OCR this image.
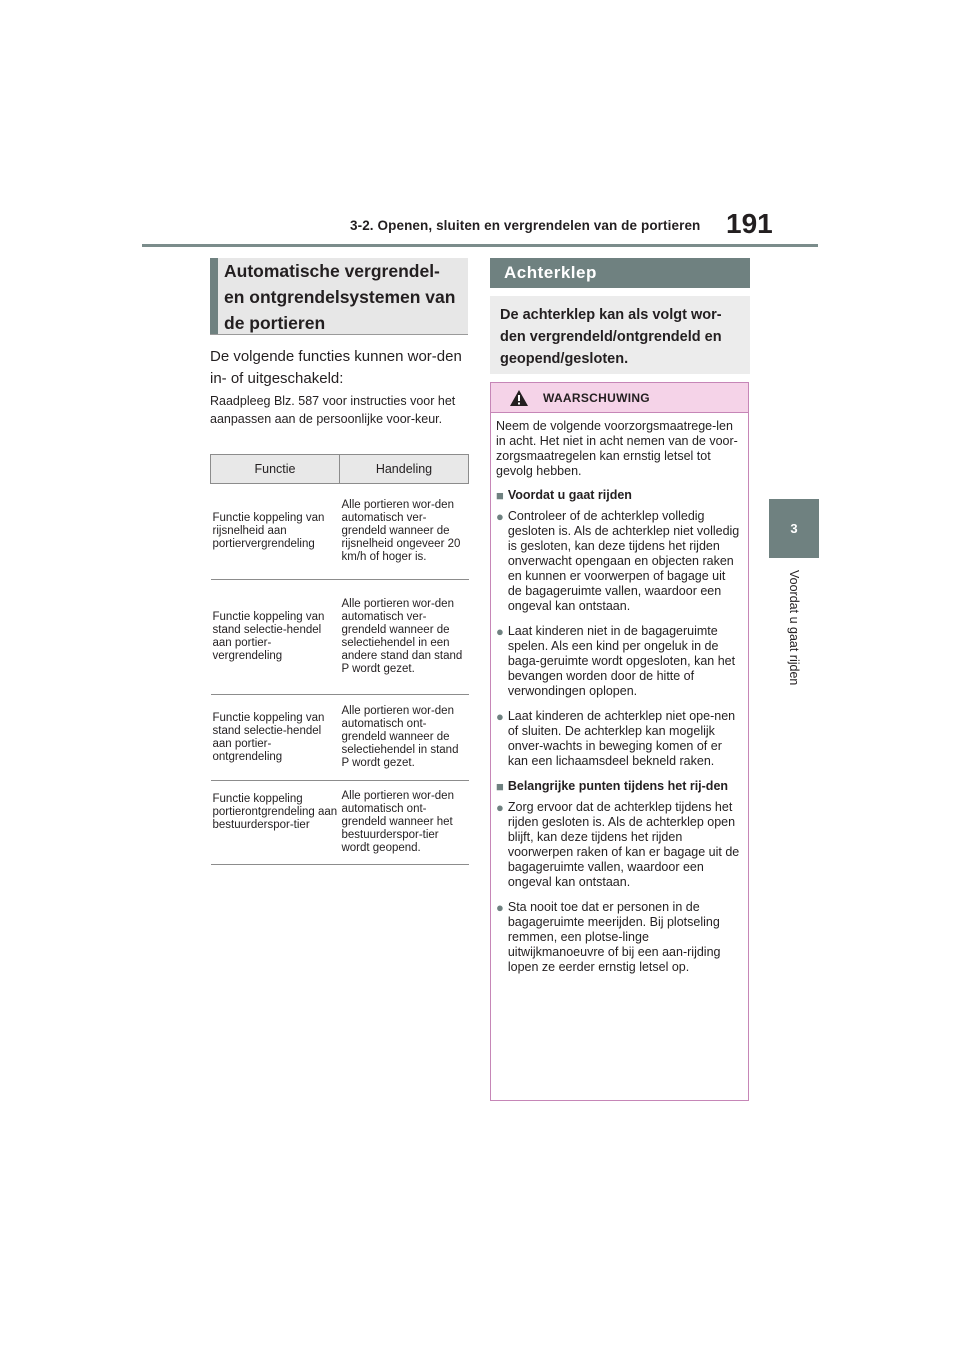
3-2. Openen, sluiten en vergrendelen van de portieren 191
3
Voordat u gaat rijden
Automatische vergrendel- en ontgrendelsystemen van de portieren
De volgende functies kunnen wor-den in- of uitgeschakeld:
Raadpleeg Blz. 587 voor instructies voor het aanpassen aan de persoonlijke voor-keur.
Functie	Handeling
Functie koppeling van rijsnelheid aan portiervergrendeling	Alle portieren wor-den automatisch ver-grendeld wanneer de rijsnelheid ongeveer 20 km/h of hoger is.
Functie koppeling van stand selectie-hendel aan portier-vergrendeling	Alle portieren wor-den automatisch ver-grendeld wanneer de selectiehendel in een andere stand dan stand P wordt gezet.
Functie koppeling van stand selectie-hendel aan portier-ontgrendeling	Alle portieren wor-den automatisch ont-grendeld wanneer de selectiehendel in stand P wordt gezet.
Functie koppeling portierontgrendeling aan bestuurderspor-tier	Alle portieren wor-den automatisch ont-grendeld wanneer het bestuurderspor-tier wordt geopend.
Achterklep
De achterklep kan als volgt wor-den vergrendeld/ontgrendeld en geopend/gesloten.
WAARSCHUWING

Neem de volgende voorzorgsmaatrege-len in acht. Het niet in acht nemen van de voor-zorgsmaatregelen kan ernstig letsel tot gevolg hebben.

■ Voordat u gaat rijden
● Controleer of de achterklep volledig gesloten is. Als de achterklep niet volledig is gesloten, kan deze tijdens het rijden onverwacht opengaan en objecten raken en kunnen er voorwerpen of bagage uit de bagageruimte vallen, waardoor een ongeval kan ontstaan.
● Laat kinderen niet in de bagageruimte spelen. Als een kind per ongeluk in de baga-geruimte wordt opgesloten, kan het bevangen worden door de hitte of verwondingen oplopen.
● Laat kinderen de achterklep niet ope-nen of sluiten. De achterklep kan mogelijk onver-wachts in beweging komen of er kan een lichaamsdeel bekneld raken.
■ Belangrijke punten tijdens het rij-den
● Zorg ervoor dat de achterklep tijdens het rijden gesloten is. Als de achterklep open blijft, kan deze tijdens het rijden voorwerpen raken of kan er bagage uit de bagageruimte vallen, waardoor een ongeval kan ontstaan.
● Sta nooit toe dat er personen in de bagageruimte meerijden. Bij plotseling remmen, een plotse-linge uitwijkmanoeuvre of bij een aan-rijding lopen ze eerder ernstig letsel op.
